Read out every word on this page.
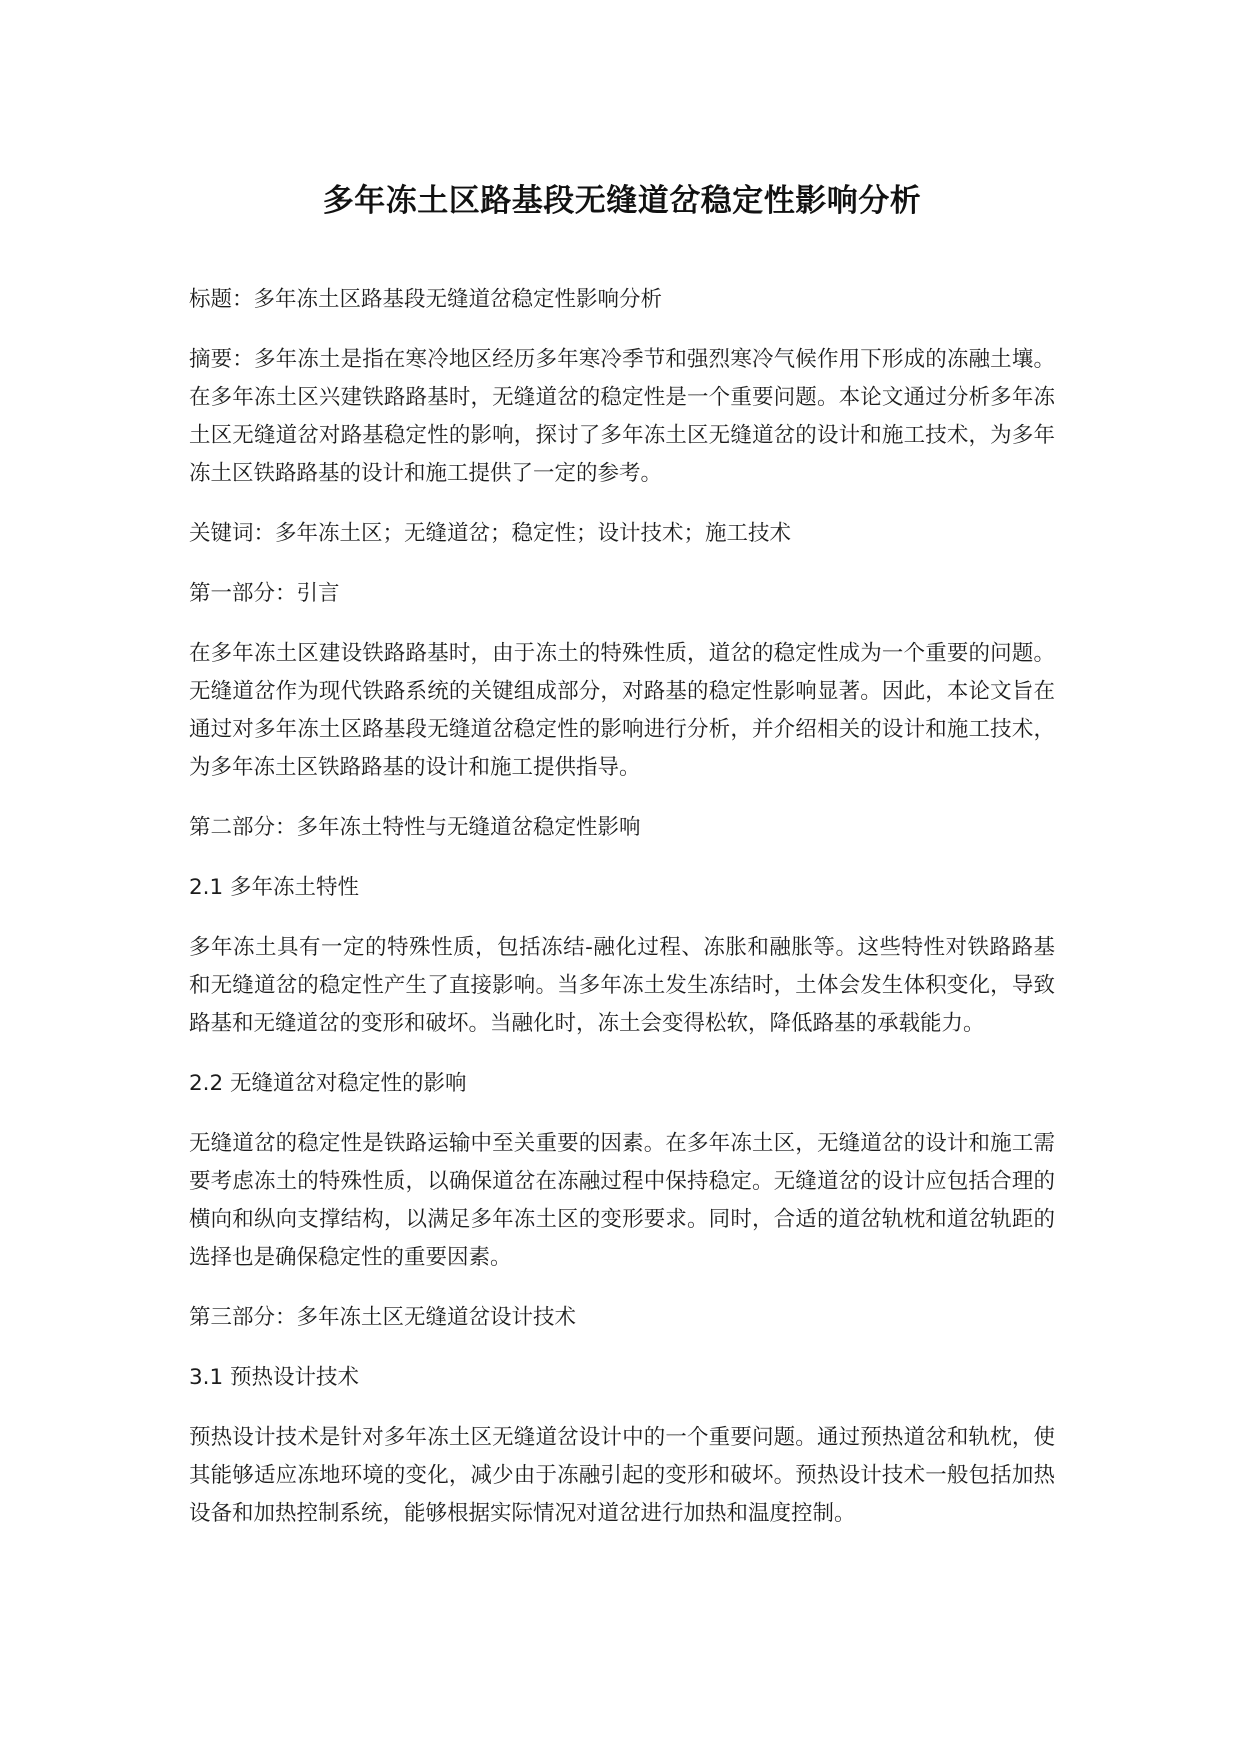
多年冻土区路基段无缝道岔稳定性影响分析

标题：多年冻土区路基段无缝道岔稳定性影响分析

摘要：多年冻土是指在寒冷地区经历多年寒冷季节和强烈寒冷气候作用下形成的冻融土壤。在多年冻土区兴建铁路路基时，无缝道岔的稳定性是一个重要问题。本论文通过分析多年冻土区无缝道岔对路基稳定性的影响，探讨了多年冻土区无缝道岔的设计和施工技术，为多年冻土区铁路路基的设计和施工提供了一定的参考。

关键词：多年冻土区；无缝道岔；稳定性；设计技术；施工技术

第一部分：引言

在多年冻土区建设铁路路基时，由于冻土的特殊性质，道岔的稳定性成为一个重要的问题。无缝道岔作为现代铁路系统的关键组成部分，对路基的稳定性影响显著。因此，本论文旨在通过对多年冻土区路基段无缝道岔稳定性的影响进行分析，并介绍相关的设计和施工技术，为多年冻土区铁路路基的设计和施工提供指导。

第二部分：多年冻土特性与无缝道岔稳定性影响

2.1 多年冻土特性

多年冻土具有一定的特殊性质，包括冻结-融化过程、冻胀和融胀等。这些特性对铁路路基和无缝道岔的稳定性产生了直接影响。当多年冻土发生冻结时，土体会发生体积变化，导致路基和无缝道岔的变形和破坏。当融化时，冻土会变得松软，降低路基的承载能力。

2.2 无缝道岔对稳定性的影响

无缝道岔的稳定性是铁路运输中至关重要的因素。在多年冻土区，无缝道岔的设计和施工需要考虑冻土的特殊性质，以确保道岔在冻融过程中保持稳定。无缝道岔的设计应包括合理的横向和纵向支撑结构，以满足多年冻土区的变形要求。同时，合适的道岔轨枕和道岔轨距的选择也是确保稳定性的重要因素。

第三部分：多年冻土区无缝道岔设计技术

3.1 预热设计技术

预热设计技术是针对多年冻土区无缝道岔设计中的一个重要问题。通过预热道岔和轨枕，使其能够适应冻地环境的变化，减少由于冻融引起的变形和破坏。预热设计技术一般包括加热设备和加热控制系统，能够根据实际情况对道岔进行加热和温度控制。
